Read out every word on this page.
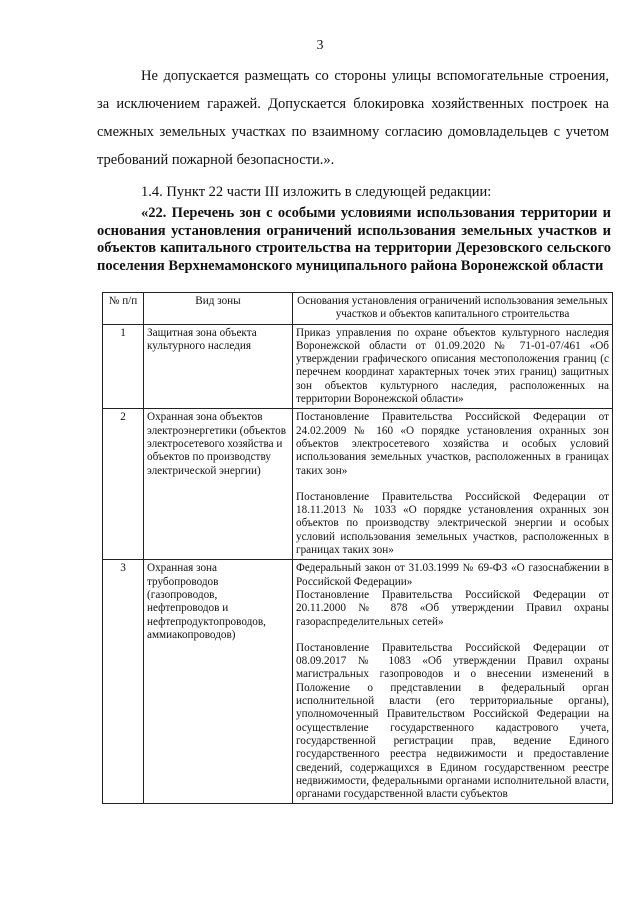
3
Не допускается размещать со стороны улицы вспомогательные строения, за исключением гаражей. Допускается блокировка хозяйственных построек на смежных земельных участках по взаимному согласию домовладельцев с учетом требований пожарной безопасности.».
1.4. Пункт 22 части III изложить в следующей редакции:
«22. Перечень зон с особыми условиями использования территории и основания установления ограничений использования земельных участков и объектов капитального строительства на территории Дерезовского сельского поселения Верхнемамонского муниципального района Воронежской области
№ п/п	Вид зоны	Основания установления ограничений использования земельных участков и объектов капитального строительства
1	Защитная зона объекта культурного наследия	Приказ управления по охране объектов культурного наследия Воронежской области от 01.09.2020 № 71-01-07/461 «Об утверждении графического описания местоположения границ (с перечнем координат характерных точек этих границ) защитных зон объектов культурного наследия, расположенных на территории Воронежской области»

2	Охранная зона объектов электроэнергетики (объектов электросетевого хозяйства и объектов по производству электрической энергии)	Постановление Правительства Российской Федерации от 24.02.2009 № 160 «О порядке установления охранных зон объектов электросетевого хозяйства и особых условий использования земельных участков, расположенных в границах таких зон»
Постановление Правительства Российской Федерации от 18.11.2013 № 1033 «О порядке установления охранных зон объектов по производству электрической энергии и особых условий использования земельных участков, расположенных в границах таких зон»

3	Охранная зона трубопроводов (газопроводов, нефтепроводов и нефтепродуктопроводов, аммиакопроводов)	Федеральный закон от 31.03.1999 № 69-ФЗ «О газоснабжении в Российской Федерации»
Постановление Правительства Российской Федерации от 20.11.2000 № 878 «Об утверждении Правил охраны газораспределительных сетей»
Постановление Правительства Российской Федерации от 08.09.2017 № 1083 «Об утверждении Правил охраны магистральных газопроводов и о внесении изменений в Положение о представлении в федеральный орган исполнительной власти (его территориальные органы), уполномоченный Правительством Российской Федерации на осуществление государственного кадастрового учета, государственной регистрации прав, ведение Единого государственного реестра недвижимости и предоставление сведений, содержащихся в Едином государственном реестре недвижимости, федеральными органами исполнительной власти, органами государственной власти субъектов
